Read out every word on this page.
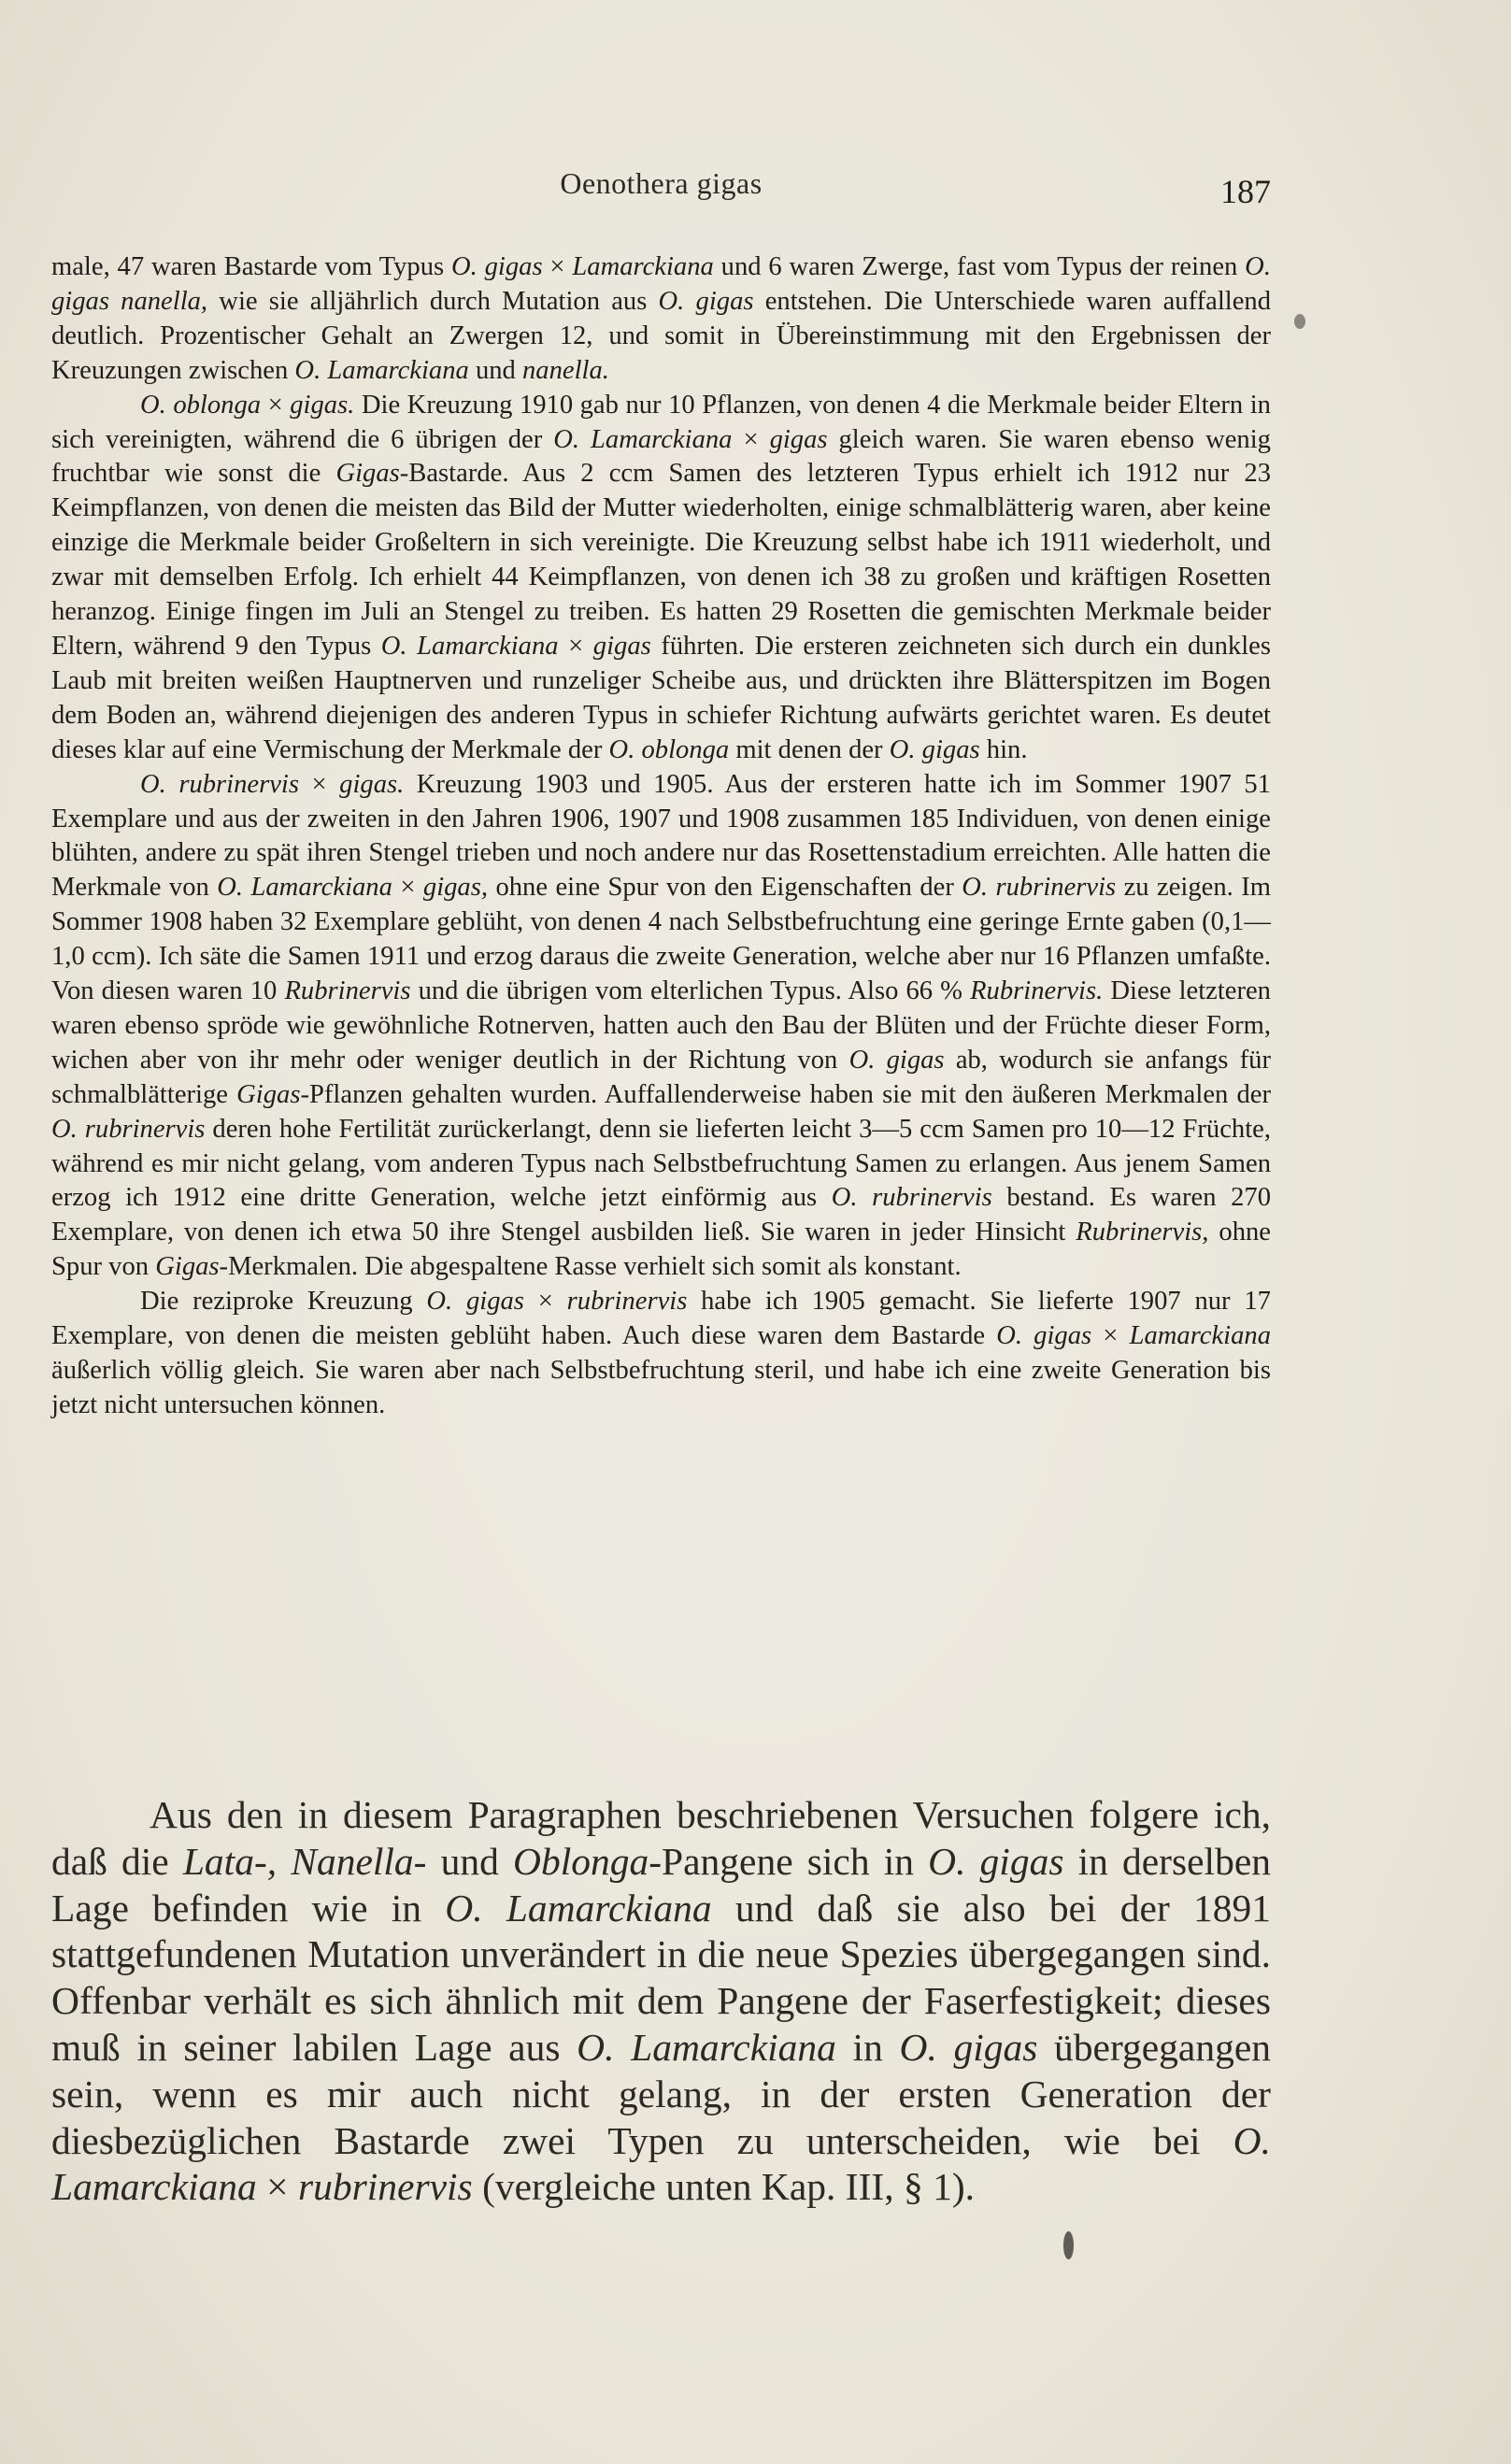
Oenothera gigas	187

male, 47 waren Bastarde vom Typus O. gigas × Lamarckiana und 6 waren Zwerge, fast vom Typus der reinen O. gigas nanella, wie sie alljährlich durch Mutation aus O. gigas entstehen. Die Unterschiede waren auffallend deutlich. Prozentischer Gehalt an Zwergen 12, und somit in Übereinstimmung mit den Ergebnissen der Kreuzungen zwischen O. Lamarckiana und nanella.

O. oblonga × gigas. Die Kreuzung 1910 gab nur 10 Pflanzen, von denen 4 die Merkmale beider Eltern in sich vereinigten, während die 6 übrigen der O. Lamarckiana × gigas gleich waren. Sie waren ebenso wenig fruchtbar wie sonst die Gigas-Bastarde. Aus 2 ccm Samen des letzteren Typus erhielt ich 1912 nur 23 Keimpflanzen, von denen die meisten das Bild der Mutter wiederholten, einige schmalblätterig waren, aber keine einzige die Merkmale beider Großeltern in sich vereinigte. Die Kreuzung selbst habe ich 1911 wiederholt, und zwar mit demselben Erfolg. Ich erhielt 44 Keimpflanzen, von denen ich 38 zu großen und kräftigen Rosetten heranzog. Einige fingen im Juli an Stengel zu treiben. Es hatten 29 Rosetten die gemischten Merkmale beider Eltern, während 9 den Typus O. Lamarckiana × gigas führten. Die ersteren zeichneten sich durch ein dunkles Laub mit breiten weißen Hauptnerven und runzeliger Scheibe aus, und drückten ihre Blätterspitzen im Bogen dem Boden an, während diejenigen des anderen Typus in schiefer Richtung aufwärts gerichtet waren. Es deutet dieses klar auf eine Vermischung der Merkmale der O. oblonga mit denen der O. gigas hin.

O. rubrinervis × gigas. Kreuzung 1903 und 1905. Aus der ersteren hatte ich im Sommer 1907 51 Exemplare und aus der zweiten in den Jahren 1906, 1907 und 1908 zusammen 185 Individuen, von denen einige blühten, andere zu spät ihren Stengel trieben und noch andere nur das Rosettenstadium erreichten. Alle hatten die Merkmale von O. Lamarckiana × gigas, ohne eine Spur von den Eigenschaften der O. rubrinervis zu zeigen. Im Sommer 1908 haben 32 Exemplare geblüht, von denen 4 nach Selbstbefruchtung eine geringe Ernte gaben (0,1—1,0 ccm). Ich säte die Samen 1911 und erzog daraus die zweite Generation, welche aber nur 16 Pflanzen umfaßte. Von diesen waren 10 Rubrinervis und die übrigen vom elterlichen Typus. Also 66 % Rubrinervis. Diese letzteren waren ebenso spröde wie gewöhnliche Rotnerven, hatten auch den Bau der Blüten und der Früchte dieser Form, wichen aber von ihr mehr oder weniger deutlich in der Richtung von O. gigas ab, wodurch sie anfangs für schmalblätterige Gigas-Pflanzen gehalten wurden. Auffallenderweise haben sie mit den äußeren Merkmalen der O. rubrinervis deren hohe Fertilität zurückerlangt, denn sie lieferten leicht 3—5 ccm Samen pro 10—12 Früchte, während es mir nicht gelang, vom anderen Typus nach Selbstbefruchtung Samen zu erlangen. Aus jenem Samen erzog ich 1912 eine dritte Generation, welche jetzt einförmig aus O. rubrinervis bestand. Es waren 270 Exemplare, von denen ich etwa 50 ihre Stengel ausbilden ließ. Sie waren in jeder Hinsicht Rubrinervis, ohne Spur von Gigas-Merkmalen. Die abgespaltene Rasse verhielt sich somit als konstant.

Die reziproke Kreuzung O. gigas × rubrinervis habe ich 1905 gemacht. Sie lieferte 1907 nur 17 Exemplare, von denen die meisten geblüht haben. Auch diese waren dem Bastarde O. gigas × Lamarckiana äußerlich völlig gleich. Sie waren aber nach Selbstbefruchtung steril, und habe ich eine zweite Generation bis jetzt nicht untersuchen können.

Aus den in diesem Paragraphen beschriebenen Versuchen folgere ich, daß die Lata-, Nanella- und Oblonga-Pangene sich in O. gigas in derselben Lage befinden wie in O. Lamarckiana und daß sie also bei der 1891 stattgefundenen Mutation unverändert in die neue Spezies übergegangen sind. Offenbar verhält es sich ähnlich mit dem Pangene der Faserfestigkeit; dieses muß in seiner labilen Lage aus O. Lamarckiana in O. gigas übergegangen sein, wenn es mir auch nicht gelang, in der ersten Generation der diesbezüglichen Bastarde zwei Typen zu unterscheiden, wie bei O. Lamarckiana × rubrinervis (vergleiche unten Kap. III, § 1).
